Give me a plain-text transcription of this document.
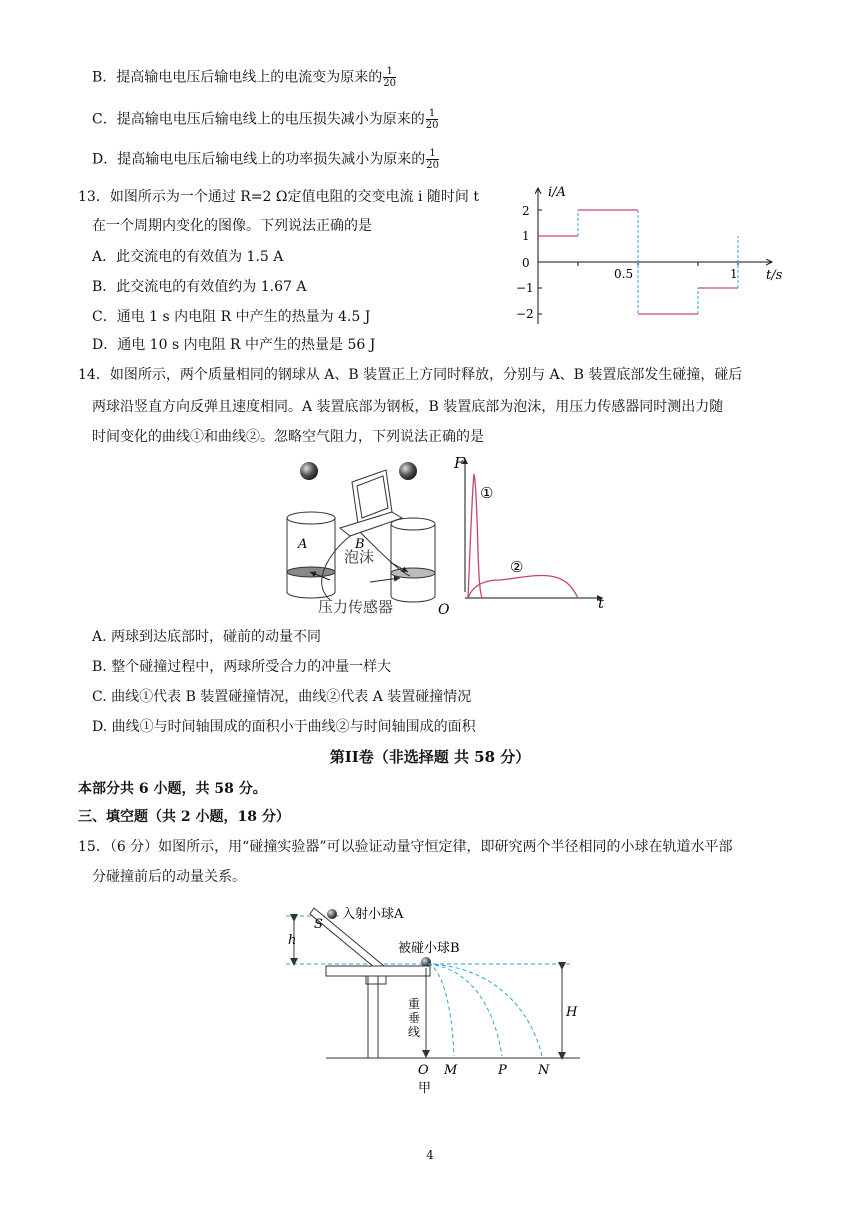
B．提高输电电压后输电线上的电流变为原来的 $\frac{1}{20}$
C．提高输电电压后输电线上的电压损失减小为原来的 $\frac{1}{20}$
D．提高输电电压后输电线上的功率损失减小为原来的 $\frac{1}{20}$
13．如图所示为一个通过 R=2 Ω定值电阻的交变电流 i 随时间 t
在一个周期内变化的图像。下列说法正确的是
A．此交流电的有效值为 1.5 A
B．此交流电的有效值约为 1.67 A
C．通电 1 s 内电阻 R 中产生的热量为 4.5 J
D．通电 10 s 内电阻 R 中产生的热量是 56 J
i/A
t/s
2
1
0
−1
−2
0.5	1
14．如图所示，两个质量相同的钢球从 A、B 装置正上方同时释放，分别与 A、B 装置底部发生碰撞，碰后
两球沿竖直方向反弹且速度相同。A 装置底部为钢板，B 装置底部为泡沫，用压力传感器同时测出力随
时间变化的曲线①和曲线②。忽略空气阻力，下列说法正确的是
A	B
泡沫
压力传感器
F
O	t
①
②
A. 两球到达底部时，碰前的动量不同
B. 整个碰撞过程中，两球所受合力的冲量一样大
C. 曲线①代表 B 装置碰撞情况，曲线②代表 A 装置碰撞情况
D. 曲线①与时间轴围成的面积小于曲线②与时间轴围成的面积
第II卷（非选择题 共 58 分）
本部分共 6 小题，共 58 分。
三、填空题（共 2 小题，18 分）
15．（6 分）如图所示，用“碰撞实验器”可以验证动量守恒定律，即研究两个半径相同的小球在轨道水平部
分碰撞前后的动量关系。
h
S
入射小球A
被碰小球B
重
垂
线
H
O M	P N
甲
4
